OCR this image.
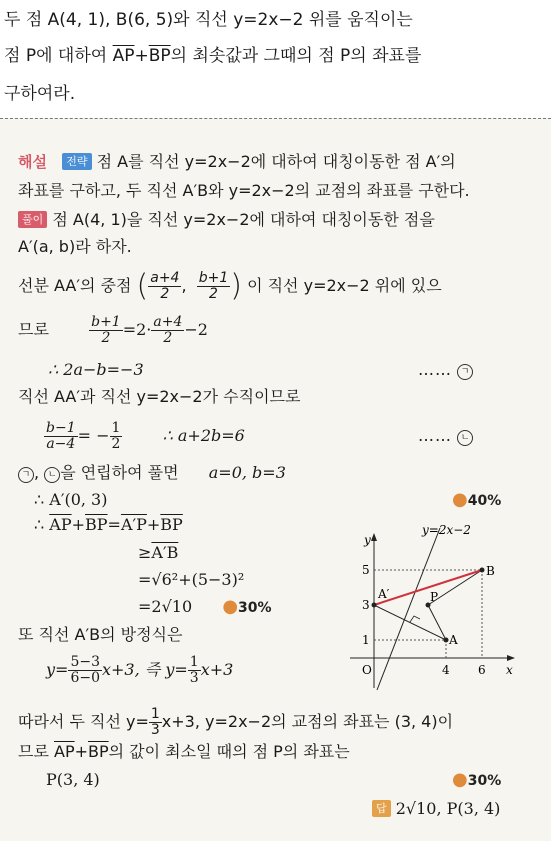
두 점 A(4, 1), B(6, 5)와 직선 y=2x−2 위를 움직이는
점 P에 대하여 $\overline{AP}+\overline{BP}$의 최솟값과 그때의 점 P의 좌표를
구하여라.
해설 전략 점 A를 직선 y=2x−2에 대하여 대칭이동한 점 A′의
좌표를 구하고, 두 직선 A′B와 y=2x−2의 교점의 좌표를 구한다.
풀이 점 A(4, 1)을 직선 y=2x−2에 대하여 대칭이동한 점을
A′(a, b)라 하자.
선분 AA′의 중점 ( $\frac{a+4}{2}$ , $\frac{b+1}{2}$ ) 이 직선 y=2x−2 위에 있으
므로	$\frac{b+1}{2} =2\cdot \frac{a+4}{2} -2$
∴ 2a−b=−3	…… ㄱ
직선 AA′과 직선 y=2x−2가 수직이므로
$\frac{b-1}{a-4}$ = − $\frac{1}{2}$	∴ a+2b=6	…… ㄴ
ㄱ , ㄴ 을 연립하여 풀면 a=0, b=3
∴ A′(0, 3)	●40%
∴ $\overline{AP}+\overline{BP}=A'P+\overline{BP}$
≥A′B
=√6²+(5−3)²
=2√10 ●30%
또 직선 A′B의 방정식은
$y= \frac{5-3}{6-0} x+3$, 즉 $y= \frac{1}{3} x+3$
따라서 두 직선 $y= \frac{1}{3} x+3$, y=2x−2의 교점의 좌표는 (3, 4)이
므로 $\overline{AP}+\overline{BP}$의 값이 최소일 때의 점 P의 좌표는
P(3, 4)	●30%
답 2√10, P(3, 4)
y=2x−2
y
x
O
5
3
1
4 6
B
A
A′	P
